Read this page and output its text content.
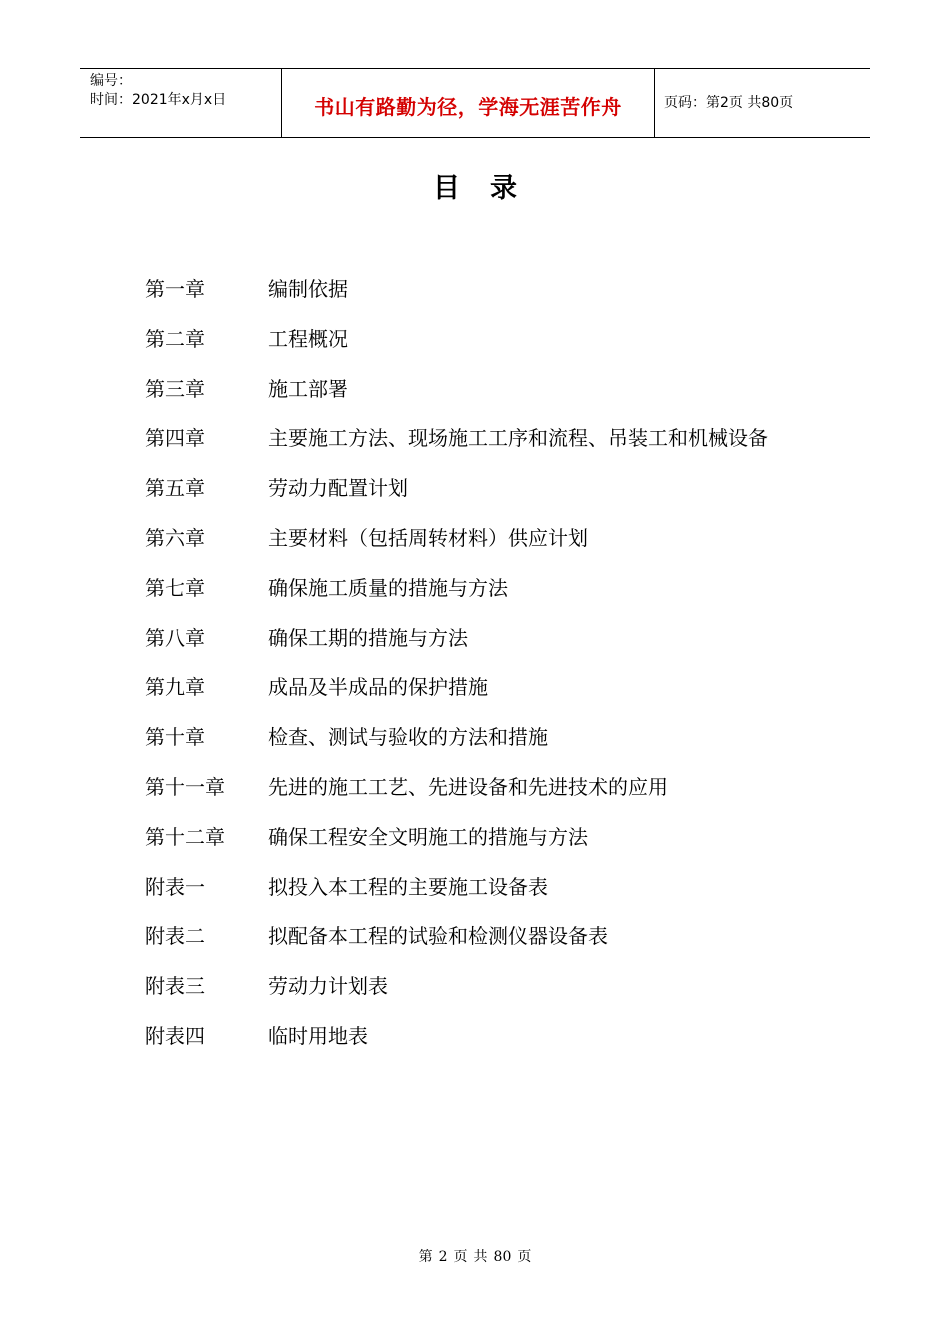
编号：
时间：2021年x月x日	书山有路勤为径，学海无涯苦作舟	页码：第2页 共80页
目录
第一章	编制依据
第二章	工程概况
第三章	施工部署
第四章	主要施工方法、现场施工工序和流程、吊装工和机械设备
第五章	劳动力配置计划
第六章	主要材料（包括周转材料）供应计划
第七章	确保施工质量的措施与方法
第八章	确保工期的措施与方法
第九章	成品及半成品的保护措施
第十章	检查、测试与验收的方法和措施
第十一章	先进的施工工艺、先进设备和先进技术的应用
第十二章	确保工程安全文明施工的措施与方法
附表一	拟投入本工程的主要施工设备表
附表二	拟配备本工程的试验和检测仪器设备表
附表三	劳动力计划表
附表四	临时用地表
第 2 页 共 80 页
